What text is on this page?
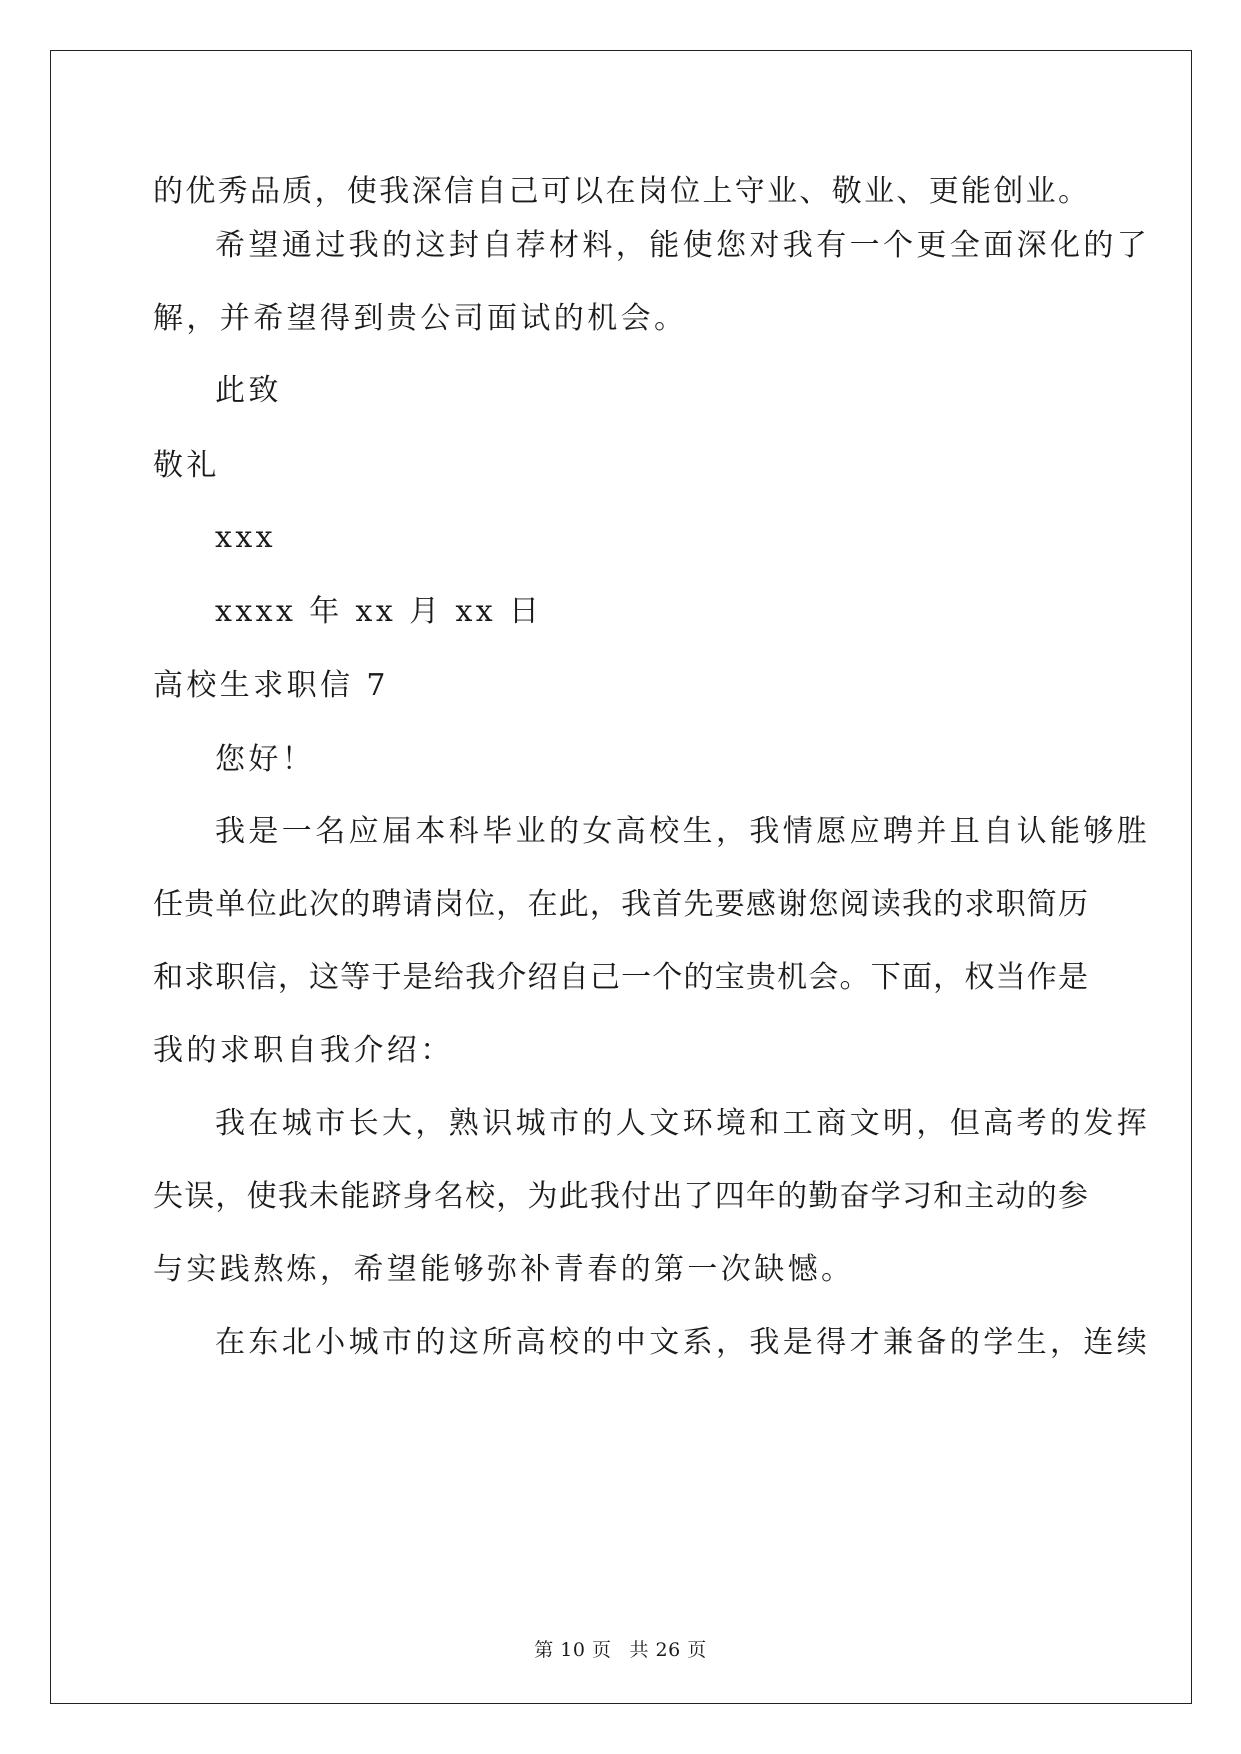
的优秀品质，使我深信自己可以在岗位上守业、敬业、更能创业。
希望通过我的这封自荐材料，能使您对我有一个更全面深化的了
解，并希望得到贵公司面试的机会。
此致
敬礼
xxx
xxxx 年 xx 月 xx 日
高校生求职信 7
您好！
我是一名应届本科毕业的女高校生，我情愿应聘并且自认能够胜
任贵单位此次的聘请岗位，在此，我首先要感谢您阅读我的求职简历
和求职信，这等于是给我介绍自己一个的宝贵机会。下面，权当作是
我的求职自我介绍：
我在城市长大，熟识城市的人文环境和工商文明，但高考的发挥
失误，使我未能跻身名校，为此我付出了四年的勤奋学习和主动的参
与实践熬炼，希望能够弥补青春的第一次缺憾。
在东北小城市的这所高校的中文系，我是得才兼备的学生，连续
第 10 页 共 26 页
